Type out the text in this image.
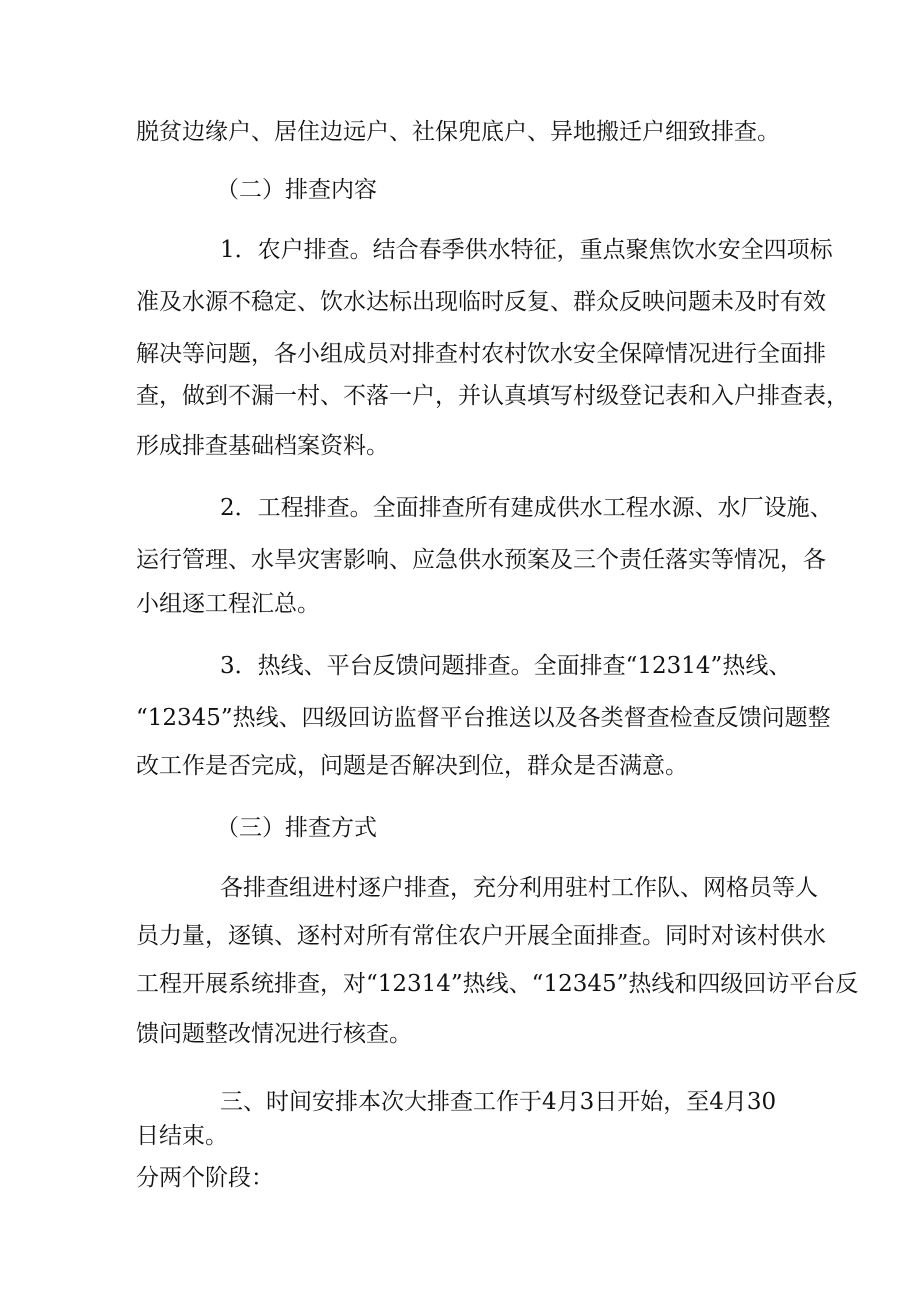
脱贫边缘户、居住边远户、社保兜底户、异地搬迁户细致排查。
（二）排查内容
1．农户排查。结合春季供水特征，重点聚焦饮水安全四项标
准及水源不稳定、饮水达标出现临时反复、群众反映问题未及时有效
解决等问题，各小组成员对排查村农村饮水安全保障情况进行全面排
查，做到不漏一村、不落一户，并认真填写村级登记表和入户排查表，
形成排查基础档案资料。
2．工程排查。全面排查所有建成供水工程水源、水厂设施、
运行管理、水旱灾害影响、应急供水预案及三个责任落实等情况，各
小组逐工程汇总。
3．热线、平台反馈问题排查。全面排查“12314”热线、
“12345”热线、四级回访监督平台推送以及各类督查检查反馈问题整
改工作是否完成，问题是否解决到位，群众是否满意。
（三）排查方式
各排查组进村逐户排查，充分利用驻村工作队、网格员等人
员力量，逐镇、逐村对所有常住农户开展全面排查。同时对该村供水
工程开展系统排查，对“12314”热线、“12345”热线和四级回访平台反
馈问题整改情况进行核查。
三、时间安排本次大排查工作于4月3日开始，至4月30
日结束。
分两个阶段：
